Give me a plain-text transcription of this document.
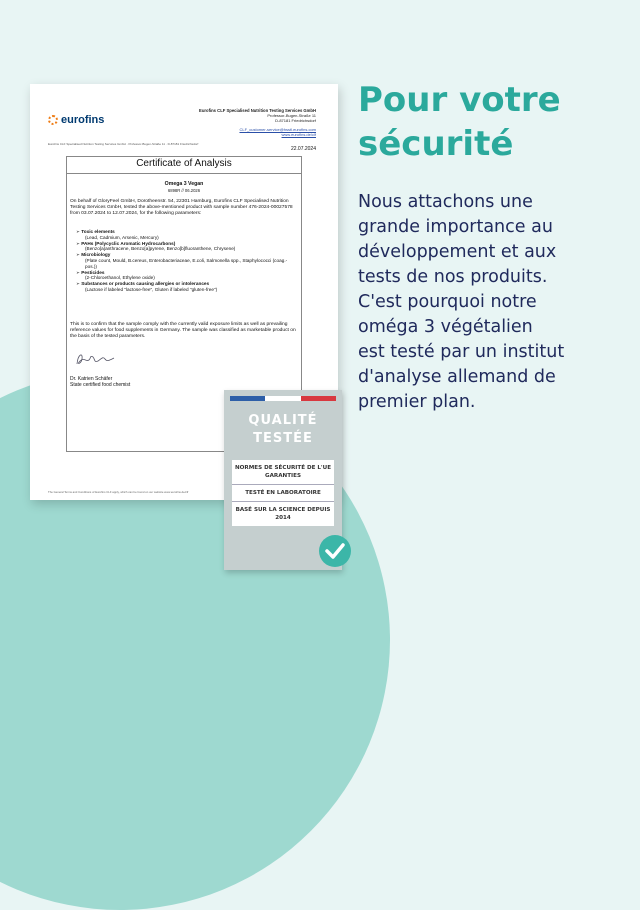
eurofins
Eurofins CLF Specialised Nutrition Testing Services GmbH
Professor-Bugen-Straße 11
D-87181 Friedrichsdorf
CLF_customer-service@hsstl.eurofins.com
www.eurofins.de/clf
Eurofins CLF Specialised Nutrition Testing Services GmbH · Professor-Bugen-Straße 11 · D-87181 Friedrichsdorf
22.07.2024
Certificate of Analysis
Omega 3 Vegan
6898R // 06.2026
On behalf of GloryFeel GmbH, Dorotheenstr. 54, 22301 Hamburg, Eurofins CLF Specialised Nutrition Testing Services GmbH, tested the above-mentioned product with sample number 476-2024-00027578 from 03.07.2024 to 12.07.2024, for the following parameters:
➢ Toxic elements
(Lead, Cadmium, Arsenic, Mercury)
➢ PAHs (Polycyclic Aromatic Hydrocarbons)
(Benzo[a]anthracene, Benzo[a]pyrene, Benzo[b]fluoranthene, Chrysene)
➢ Microbiology
(Plate count, Mould, B.cereus, Enterobacteriaceae, E.coli, Salmonella spp., Staphylococci (coag.-pos.))
➢ Pesticides
(2-Chloroethanol, Ethylene oxide)
➢ Substances or products causing allergies or intolerances
(Lactose if labeled "lactose-free", Gluten if labeled "gluten-free")
This is to confirm that the sample comply with the currently valid exposure limits as well as prevailing reference values for food supplements in Germany. The sample was classified as marketable product on the basis of the tested parameters.
Dr. Katrien Schäfer
State certified food chemist
The General Terms and Conditions of Eurofins CLF apply, which can be found on our website www.eurofins.de/clf
QUALITÉ
TESTÉE
NORMES DE SÉCURITÉ DE L'UE GARANTIES
TESTÉ EN LABORATOIRE
BASÉ SUR LA SCIENCE DEPUIS 2014
Pour votre
sécurité
Nous attachons une
grande importance au
développement et aux
tests de nos produits.
C'est pourquoi notre
oméga 3 végétalien
est testé par un institut
d'analyse allemand de
premier plan.
